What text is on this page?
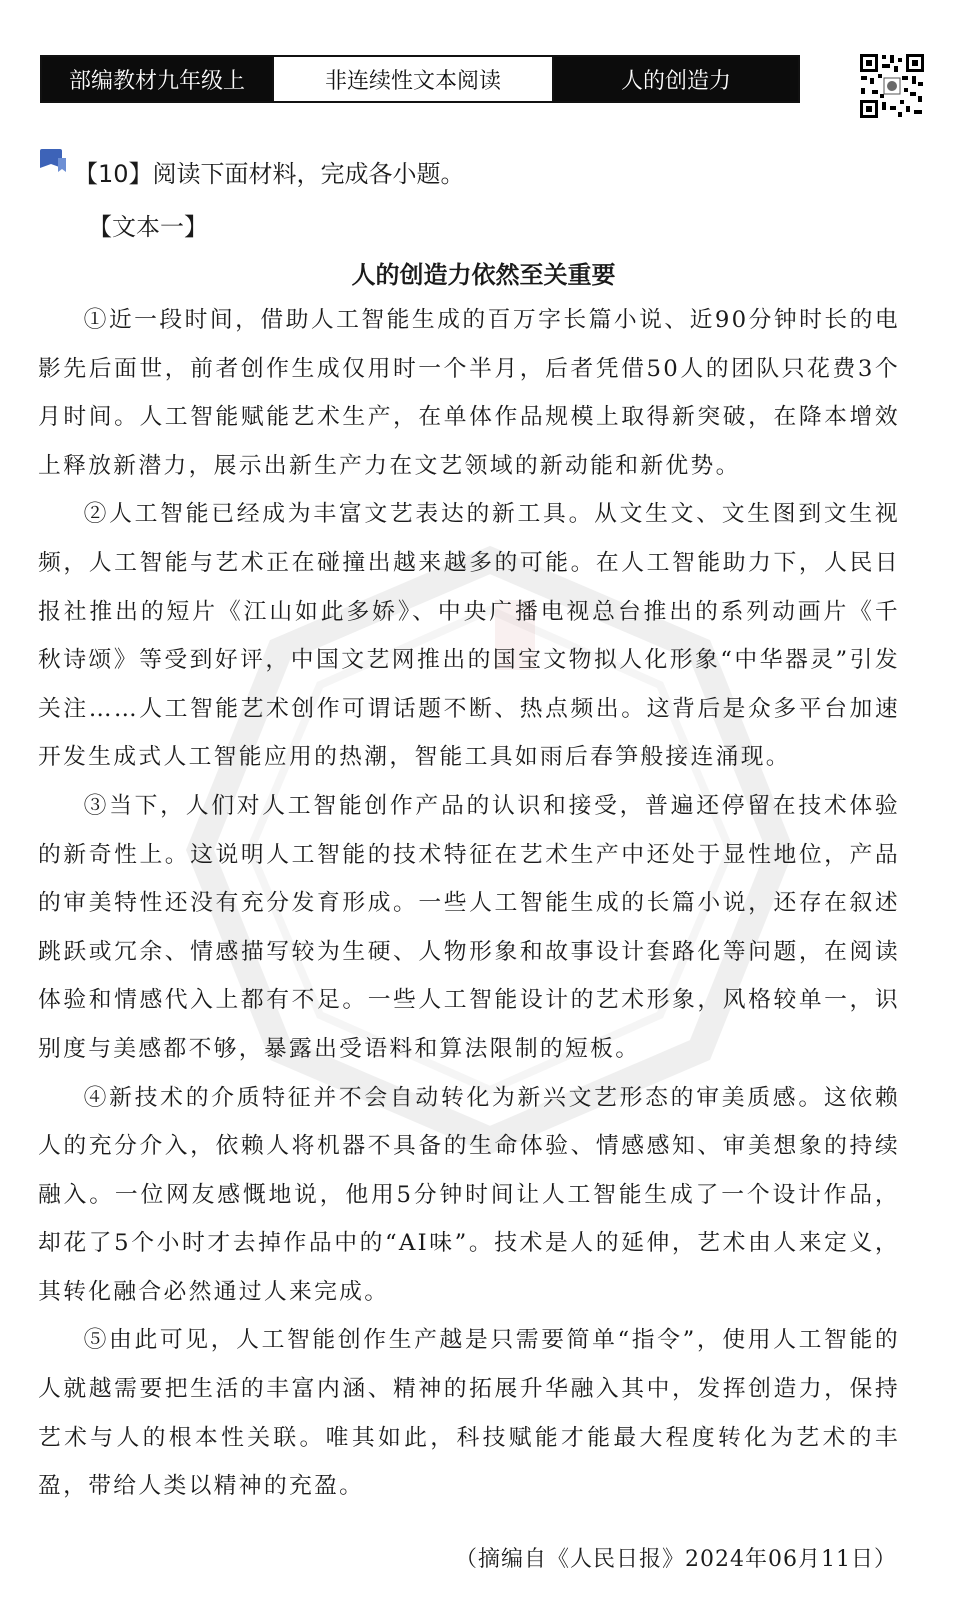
部编教材九年级上	非连续性文本阅读	人的创造力
【10】阅读下面材料，完成各小题。
【文本一】
人的创造力依然至关重要

①近一段时间，借助人工智能生成的百万字长篇小说、近90分钟时长的电影先后面世，前者创作生成仅用时一个半月，后者凭借50人的团队只花费3个月时间。人工智能赋能艺术生产，在单体作品规模上取得新突破，在降本增效上释放新潜力，展示出新生产力在文艺领域的新动能和新优势。

②人工智能已经成为丰富文艺表达的新工具。从文生文、文生图到文生视频，人工智能与艺术正在碰撞出越来越多的可能。在人工智能助力下，人民日报社推出的短片《江山如此多娇》、中央广播电视总台推出的系列动画片《千秋诗颂》等受到好评，中国文艺网推出的国宝文物拟人化形象“中华器灵”引发关注……人工智能艺术创作可谓话题不断、热点频出。这背后是众多平台加速开发生成式人工智能应用的热潮，智能工具如雨后春笋般接连涌现。

③当下，人们对人工智能创作产品的认识和接受，普遍还停留在技术体验的新奇性上。这说明人工智能的技术特征在艺术生产中还处于显性地位，产品的审美特性还没有充分发育形成。一些人工智能生成的长篇小说，还存在叙述跳跃或冗余、情感描写较为生硬、人物形象和故事设计套路化等问题，在阅读体验和情感代入上都有不足。一些人工智能设计的艺术形象，风格较单一，识别度与美感都不够，暴露出受语料和算法限制的短板。

④新技术的介质特征并不会自动转化为新兴文艺形态的审美质感。这依赖人的充分介入，依赖人将机器不具备的生命体验、情感感知、审美想象的持续融入。一位网友感慨地说，他用5分钟时间让人工智能生成了一个设计作品，却花了5个小时才去掉作品中的“AI味”。技术是人的延伸，艺术由人来定义，其转化融合必然通过人来完成。

⑤由此可见，人工智能创作生产越是只需要简单“指令”，使用人工智能的人就越需要把生活的丰富内涵、精神的拓展升华融入其中，发挥创造力，保持艺术与人的根本性关联。唯其如此，科技赋能才能最大程度转化为艺术的丰盈，带给人类以精神的充盈。

（摘编自《人民日报》2024年06月11日）
